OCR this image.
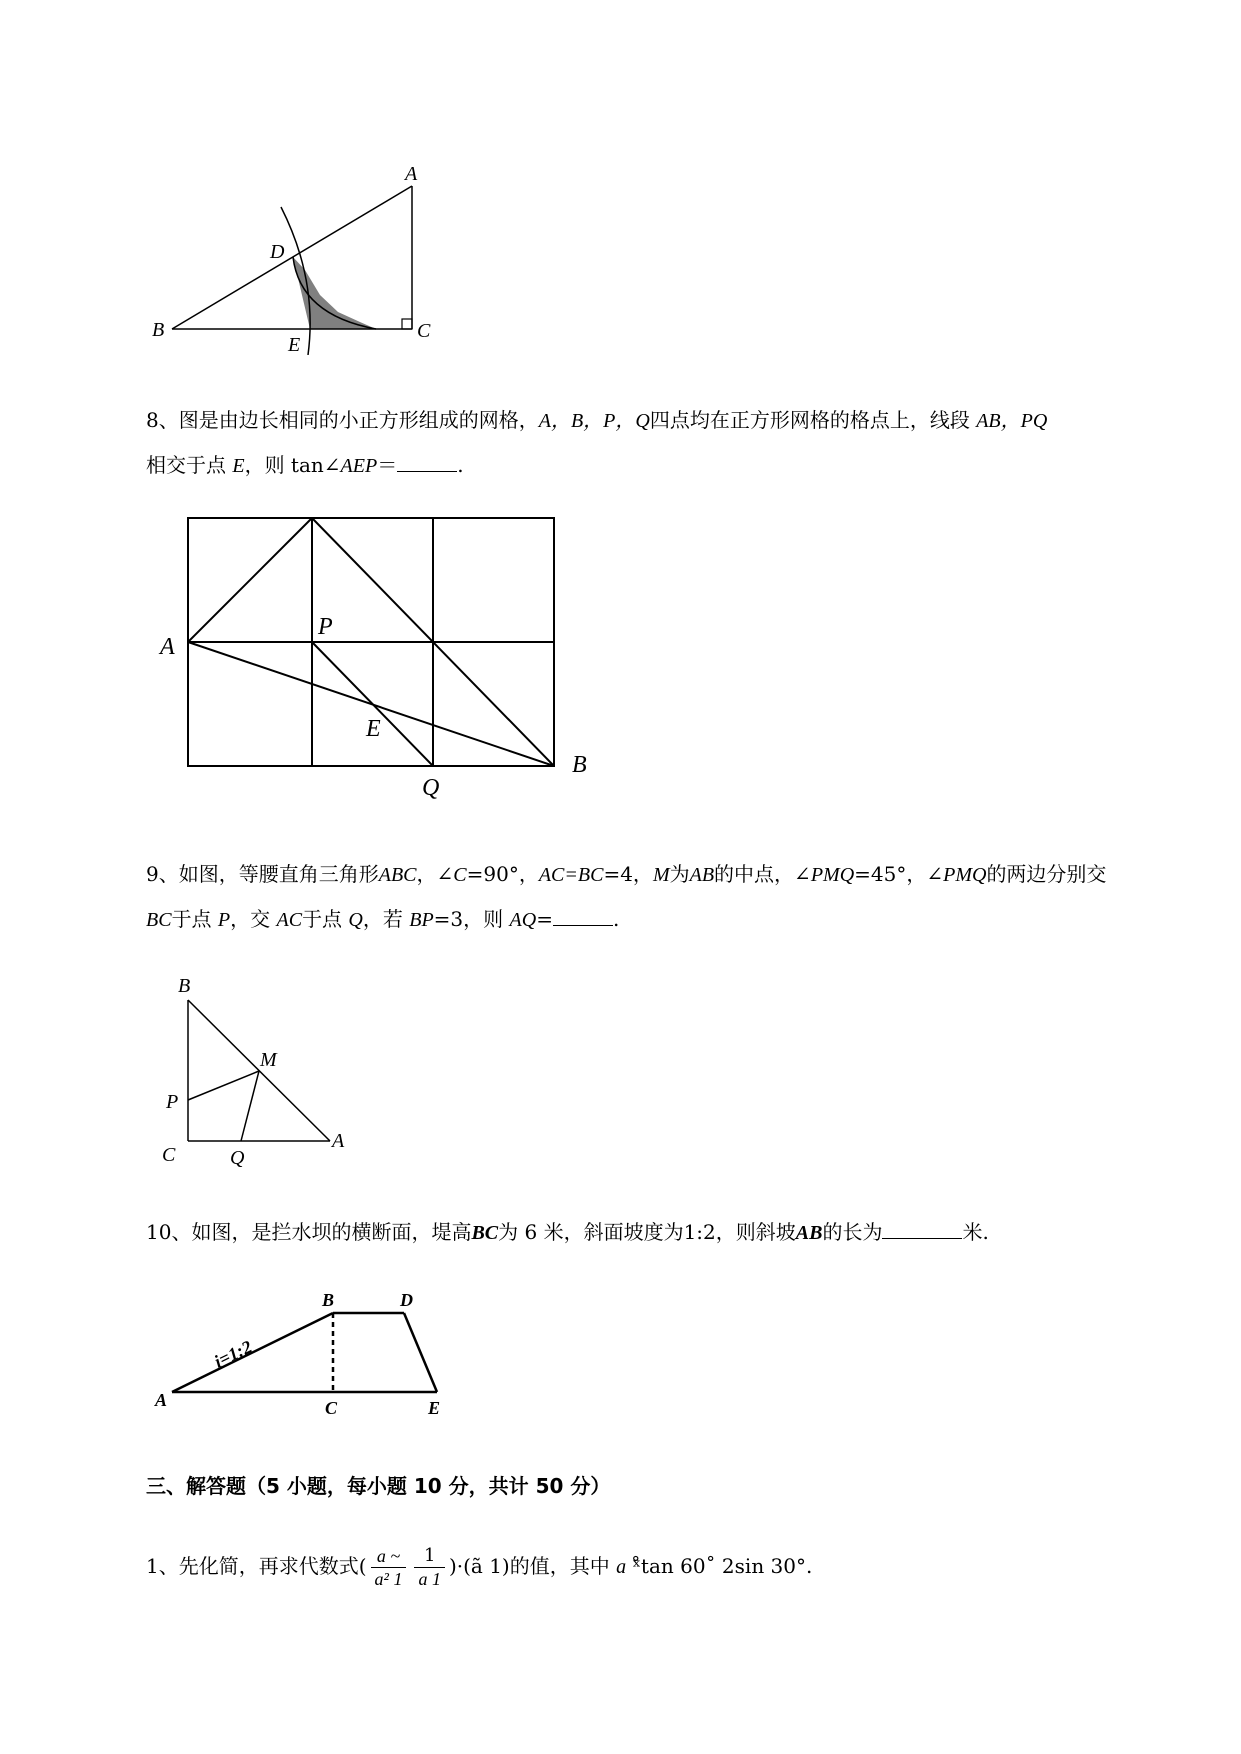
A
B	C
D
E
8、图是由边长相同的小正方形组成的网格，A，B，P，Q四点均在正方形网格的格点上，线段 AB，PQ
相交于点 E，则 tan∠AEP＝	.
A
B
P
Q
E
9、如图，等腰直角三角形ABC，∠C=90°，AC=BC=4，M为AB的中点，∠PMQ=45°，∠PMQ的两边分别交
BC于点 P，交 AC于点 Q，若 BP=3，则 AQ=	.
B
M
P
C	Q
A
10、如图，是拦水坝的横断面，堤高BC为 6 米，斜面坡度为1:2，则斜坡AB的长为	米.
i=1:2
A
B
C
D
E
三、解答题（5 小题，每小题 10 分，共计 50 分）
1、先化简，再求代数式( $\frac{a \sim}{\text{a² 1}} \frac{1}{a 1}$ )·(ã 1)的值，其中 a ˣ̊tan 60˚ 2sin 30°.
